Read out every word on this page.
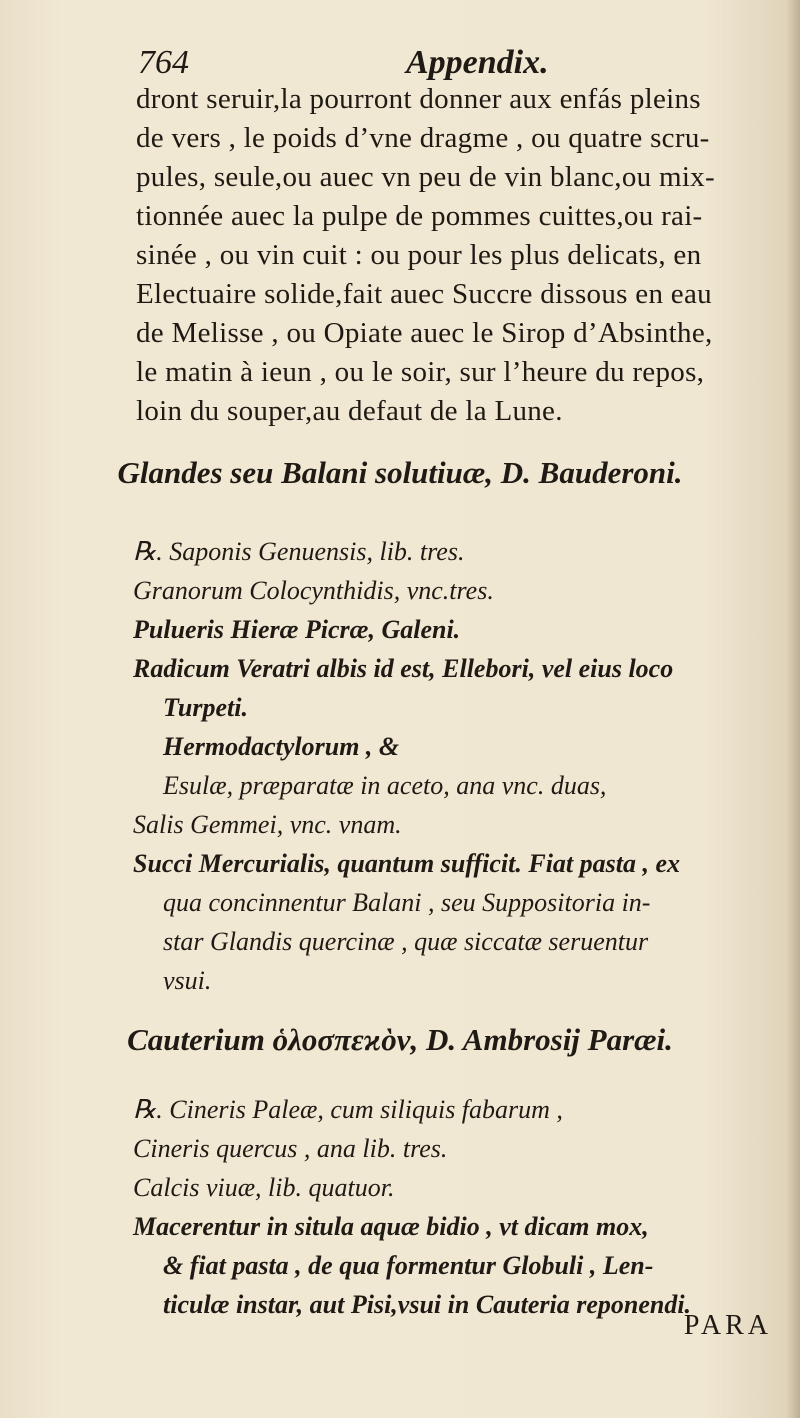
764	Appendix.
dront seruir,la pourront donner aux enfás pleins
de vers , le poids d’vne dragme , ou quatre scru-
pules, seule,ou auec vn peu de vin blanc,ou mix-
tionnée auec la pulpe de pommes cuittes,ou rai-
sinée , ou vin cuit : ou pour les plus delicats, en
Electuaire solide,fait auec Succre dissous en eau
de Melisse , ou Opiate auec le Sirop d’Absinthe,
le matin à ieun , ou le soir, sur l’heure du repos,
loin du souper,au defaut de la Lune.
Glandes seu Balani solutiuæ, D. Bauderoni.
℞. Saponis Genuensis, lib. tres.
Granorum Colocynthidis, vnc.tres.
Pulueris Hieræ Picræ, Galeni.
Radicum Veratri albis id est, Ellebori, vel eius loco
Turpeti.
Hermodactylorum , &
Esulæ, præparatæ in aceto, ana vnc. duas,
Salis Gemmei, vnc. vnam.
Succi Mercurialis, quantum sufficit. Fiat pasta , ex
qua concinnentur Balani , seu Suppositoria in-
star Glandis quercinæ , quæ siccatæ seruentur
vsui.
Cauterium ὁλοσπεϰὸν, D. Ambrosij Paræi.
℞. Cineris Paleæ, cum siliquis fabarum ,
Cineris quercus , ana lib. tres.
Calcis viuæ, lib. quatuor.
Macerentur in situla aquæ bidio , vt dicam mox,
& fiat pasta , de qua formentur Globuli , Len-
ticulæ instar, aut Pisi,vsui in Cauteria reponendi.
PARA
